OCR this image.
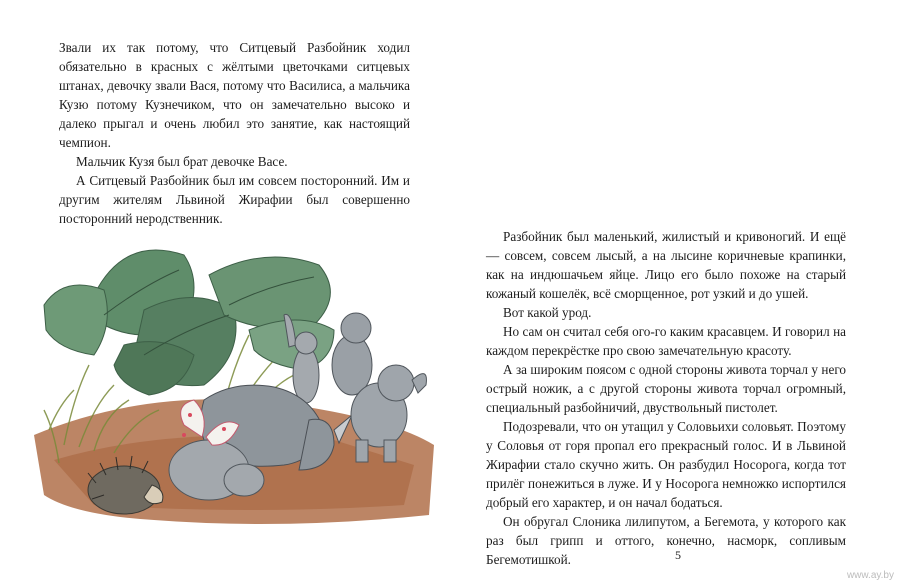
Звали их так потому, что Ситцевый Разбойник ходил обязательно в красных с жёлтыми цветочками ситцевых штанах, девочку звали Вася, потому что Василиса, а мальчика Кузю потому Кузнечиком, что он замечательно высоко и далеко прыгал и очень любил это занятие, как настоящий чемпион.

Мальчик Кузя был брат девочке Васе.

А Ситцевый Разбойник был им совсем посторонний. Им и другим жителям Львиной Жирафии был совершенно посторонний неродственник.

Разбойник был маленький, жилистый и кривоногий. И ещё — совсем, совсем лысый, а на лысине коричневые крапинки, как на индюшачьем яйце. Лицо его было похоже на старый кожаный кошелёк, всё сморщенное, рот узкий и до ушей.

Вот какой урод.

Но сам он считал себя ого-го каким красавцем. И говорил на каждом перекрёстке про свою замечательную красоту.

А за широким поясом с одной стороны живота торчал у него острый ножик, а с другой стороны живота торчал огромный, специальный разбойничий, двуствольный пистолет.

Подозревали, что он утащил у Соловьихи соловьят. Поэтому у Соловья от горя пропал его прекрасный голос. И в Львиной Жирафии стало скучно жить. Он разбудил Носорога, когда тот прилёг понежиться в луже. И у Носорога немножко испортился добрый его характер, и он начал бодаться.

Он обругал Слоника лилипутом, а Бегемота, у которого как раз был грипп и оттого, конечно, насморк, сопливым Бегемотишкой.	5
www.ay.by
